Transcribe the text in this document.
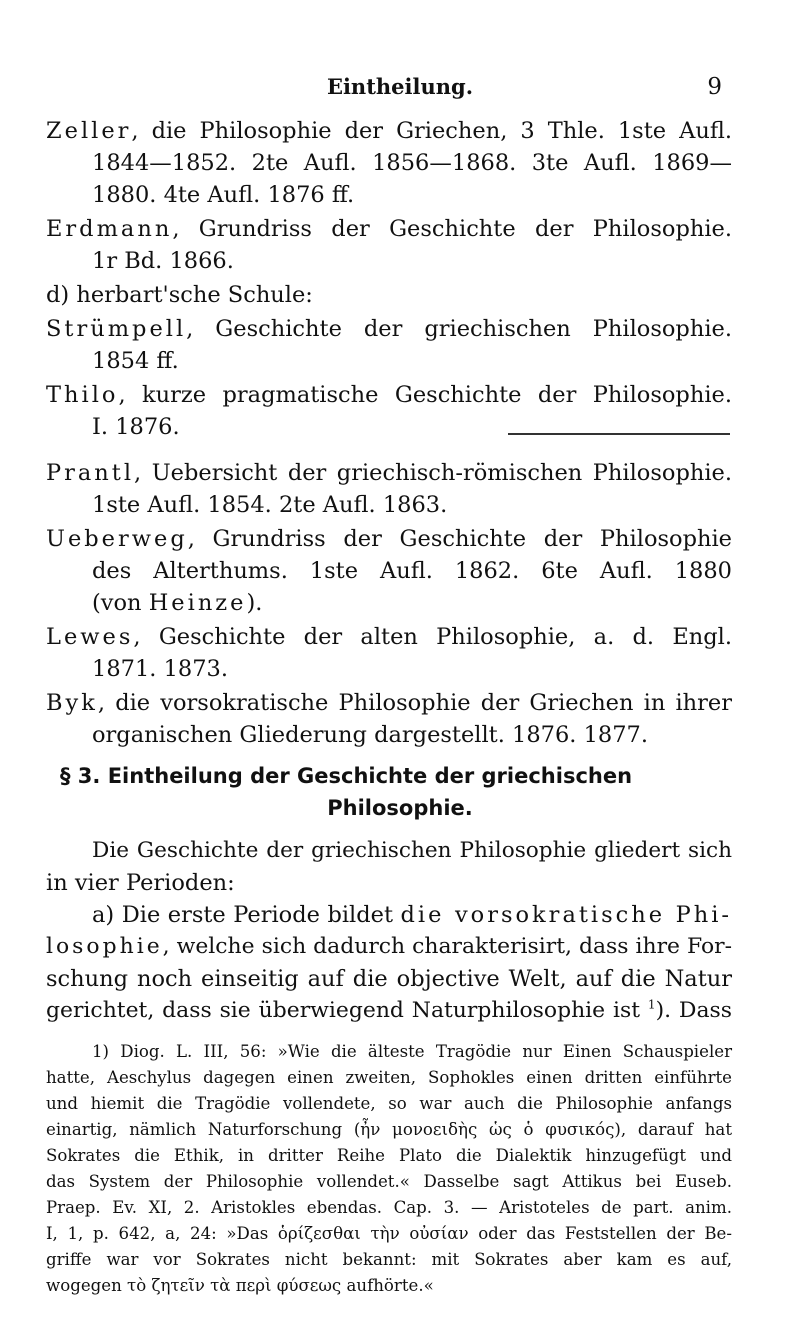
Eintheilung.	9
Zeller, die Philosophie der Griechen, 3 Thle. 1ste Aufl.
1844—1852. 2te Aufl. 1856—1868. 3te Aufl. 1869—
1880. 4te Aufl. 1876 ff.
Erdmann, Grundriss der Geschichte der Philosophie.
1r Bd. 1866.
d) herbart'sche Schule:
Strümpell, Geschichte der griechischen Philosophie.
1854 ff.
Thilo, kurze pragmatische Geschichte der Philosophie.
I. 1876.
Prantl, Uebersicht der griechisch-römischen Philosophie.
1ste Aufl. 1854. 2te Aufl. 1863.
Ueberweg, Grundriss der Geschichte der Philosophie
des Alterthums. 1ste Aufl. 1862. 6te Aufl. 1880
(von Heinze).
Lewes, Geschichte der alten Philosophie, a. d. Engl.
1871. 1873.
Byk, die vorsokratische Philosophie der Griechen in ihrer
organischen Gliederung dargestellt. 1876. 1877.
§ 3. Eintheilung der Geschichte der griechischen
Philosophie.
Die Geschichte der griechischen Philosophie gliedert sich
in vier Perioden:
a) Die erste Periode bildet die vorsokratische Phi-
losophie, welche sich dadurch charakterisirt, dass ihre For-
schung noch einseitig auf die objective Welt, auf die Natur
gerichtet, dass sie überwiegend Naturphilosophie ist $^1$). Dass
1) Diog. L. III, 56: »Wie die älteste Tragödie nur Einen Schauspieler
hatte, Aeschylus dagegen einen zweiten, Sophokles einen dritten einführte
und hiemit die Tragödie vollendete, so war auch die Philosophie anfangs
einartig, nämlich Naturforschung (ἦν μονοειδὴς ὡς ὁ φυσικός), darauf hat
Sokrates die Ethik, in dritter Reihe Plato die Dialektik hinzugefügt und
das System der Philosophie vollendet.« Dasselbe sagt Attikus bei Euseb.
Praep. Ev. XI, 2. Aristokles ebendas. Cap. 3. — Aristoteles de part. anim.
I, 1, p. 642, a, 24: »Das ὁρίζεσθαι τὴν οὐσίαν oder das Feststellen der Be-
griffe war vor Sokrates nicht bekannt: mit Sokrates aber kam es auf,
wogegen τὸ ζητεῖν τὰ περὶ φύσεως aufhörte.«
